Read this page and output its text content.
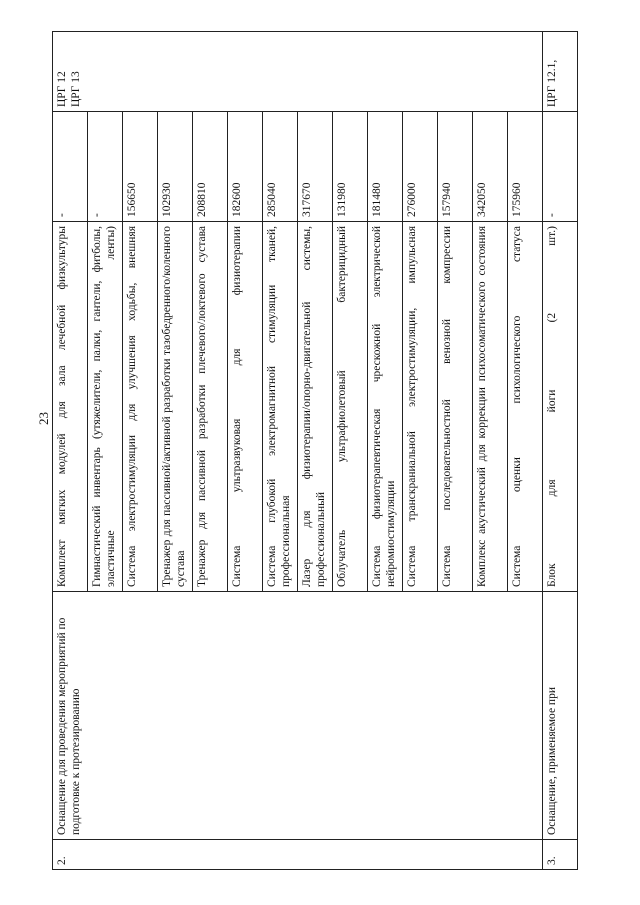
23
2.	Оснащение для проведения мероприятий по подготовке к протезированию	Комплект мягких модулей для зала лечебной физкультуры	-	ЦРГ 12
ЦРГ 13
		Гимнастический инвентарь (утяжелители, палки, гантели, фитболы, эластичные ленты)	-	
		Система электростимуляции для улучшения ходьбы, внешняя	156650	
		Тренажер для пассивной/активной разработки тазобедренного/коленного сустава	102930	
		Тренажер для пассивной разработки плечевого/локтевого сустава	208810	
		Система ультразвуковая для физиотерапии	182600	
		Система глубокой электромагнитной стимуляции тканей, профессиональная	285040	
		Лазер для физиотерапии/опорно-двигательной системы, профессиональный	317670	
		Облучатель ультрафиолетовый бактерицидный	131980	
		Система физиотерапевтическая чрескожной электрической нейромиостимуляции	181480	
		Система транскраниальной электростимуляции, импульсная	276000	
		Система последовательностной венозной компрессии	157940	
		Комплекс акустический для коррекции психосоматического состояния	342050	
		Система оценки психологического статуса	175960	
3.	Оснащение, применяемое при	Блок для йоги (2 шт.)	-	ЦРГ 12.1,
